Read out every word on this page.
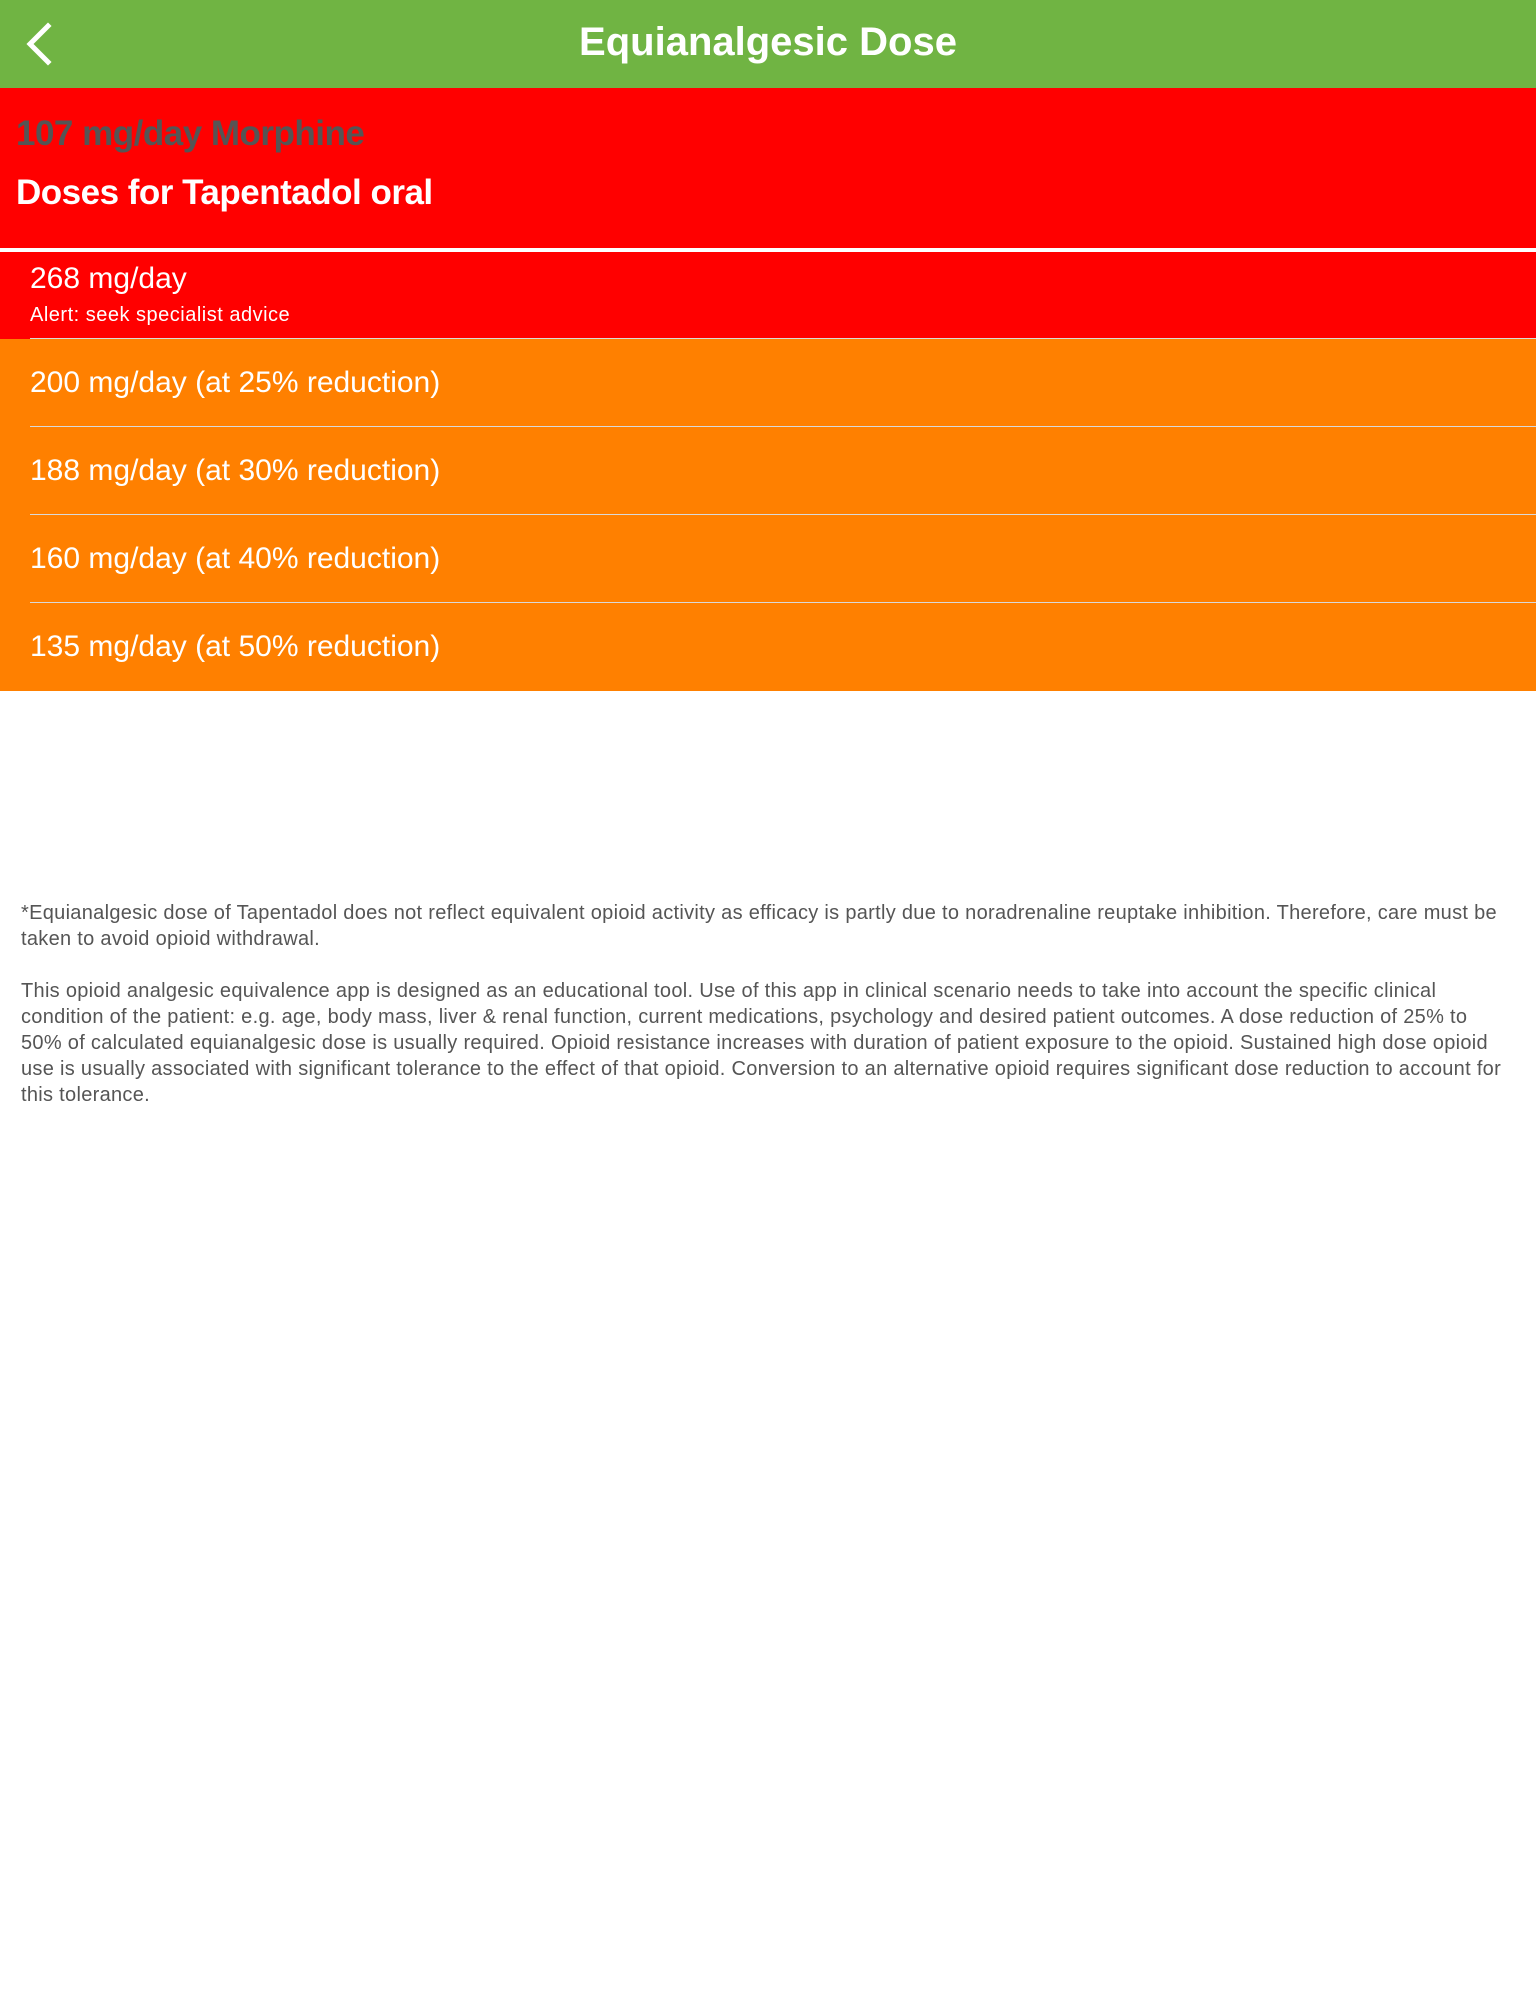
Equianalgesic Dose
107 mg/day Morphine
Doses for Tapentadol oral
268 mg/day
Alert: seek specialist advice
200 mg/day (at 25% reduction)
188 mg/day (at 30% reduction)
160 mg/day (at 40% reduction)
135 mg/day (at 50% reduction)

*Equianalgesic dose of Tapentadol does not reflect equivalent opioid activity as efficacy is partly due to noradrenaline reuptake inhibition. Therefore, care must be taken to avoid opioid withdrawal.

This opioid analgesic equivalence app is designed as an educational tool. Use of this app in clinical scenario needs to take into account the specific clinical condition of the patient: e.g. age, body mass, liver & renal function, current medications, psychology and desired patient outcomes. A dose reduction of 25% to 50% of calculated equianalgesic dose is usually required. Opioid resistance increases with duration of patient exposure to the opioid. Sustained high dose opioid use is usually associated with significant tolerance to the effect of that opioid. Conversion to an alternative opioid requires significant dose reduction to account for this tolerance.
